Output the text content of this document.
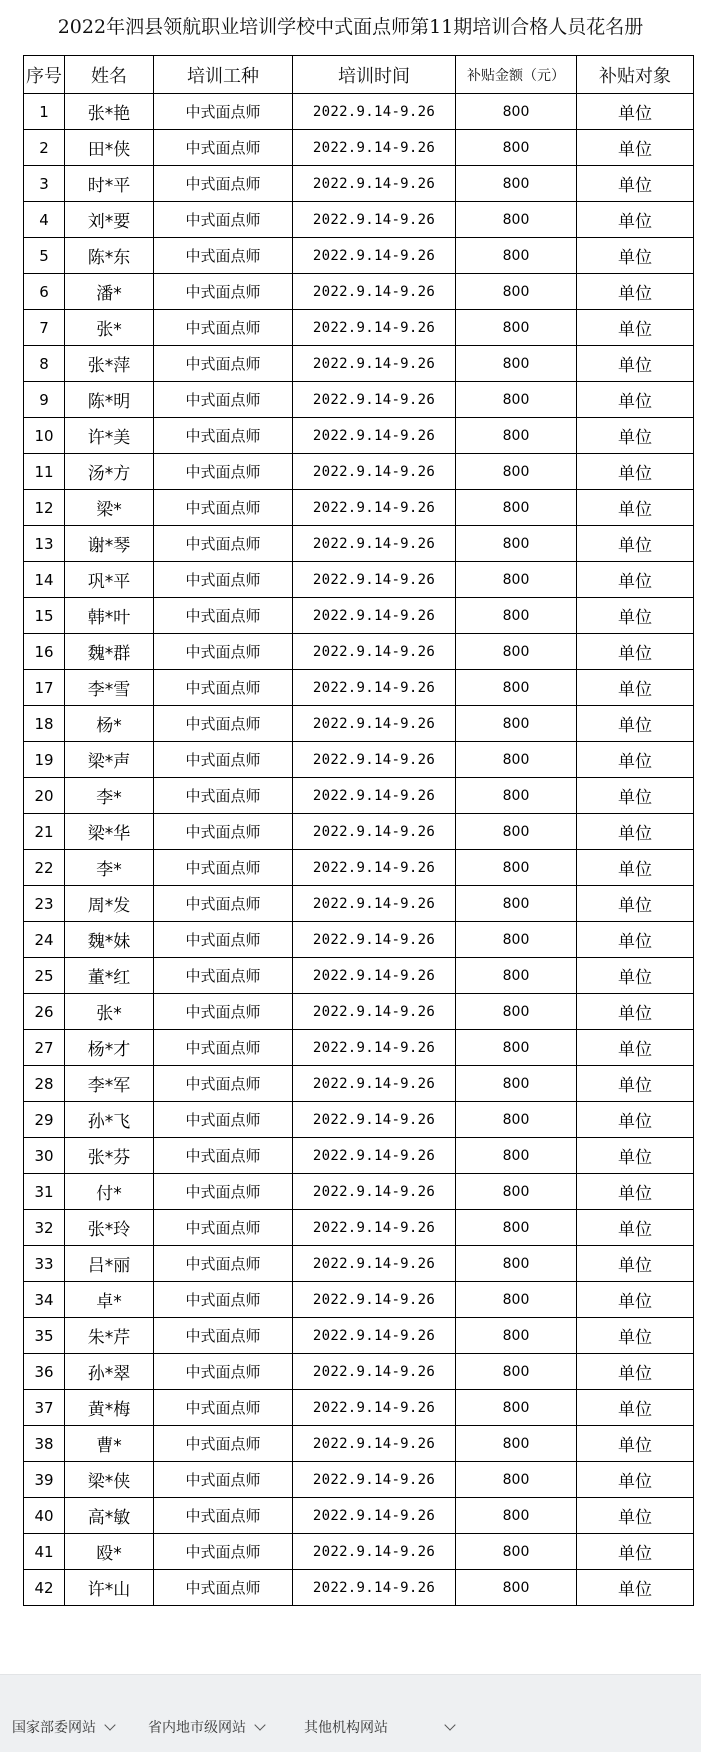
2022年泗县领航职业培训学校中式面点师第11期培训合格人员花名册
序号	姓名	培训工种	培训时间	补贴金额（元）	补贴对象
1	张*艳	中式面点师	2022.9.14-9.26	800	单位
2	田*侠	中式面点师	2022.9.14-9.26	800	单位
3	时*平	中式面点师	2022.9.14-9.26	800	单位
4	刘*要	中式面点师	2022.9.14-9.26	800	单位
5	陈*东	中式面点师	2022.9.14-9.26	800	单位
6	潘*	中式面点师	2022.9.14-9.26	800	单位
7	张*	中式面点师	2022.9.14-9.26	800	单位
8	张*萍	中式面点师	2022.9.14-9.26	800	单位
9	陈*明	中式面点师	2022.9.14-9.26	800	单位
10	许*美	中式面点师	2022.9.14-9.26	800	单位
11	汤*方	中式面点师	2022.9.14-9.26	800	单位
12	梁*	中式面点师	2022.9.14-9.26	800	单位
13	谢*琴	中式面点师	2022.9.14-9.26	800	单位
14	巩*平	中式面点师	2022.9.14-9.26	800	单位
15	韩*叶	中式面点师	2022.9.14-9.26	800	单位
16	魏*群	中式面点师	2022.9.14-9.26	800	单位
17	李*雪	中式面点师	2022.9.14-9.26	800	单位
18	杨*	中式面点师	2022.9.14-9.26	800	单位
19	梁*声	中式面点师	2022.9.14-9.26	800	单位
20	李*	中式面点师	2022.9.14-9.26	800	单位
21	梁*华	中式面点师	2022.9.14-9.26	800	单位
22	李*	中式面点师	2022.9.14-9.26	800	单位
23	周*发	中式面点师	2022.9.14-9.26	800	单位
24	魏*妹	中式面点师	2022.9.14-9.26	800	单位
25	董*红	中式面点师	2022.9.14-9.26	800	单位
26	张*	中式面点师	2022.9.14-9.26	800	单位
27	杨*才	中式面点师	2022.9.14-9.26	800	单位
28	李*军	中式面点师	2022.9.14-9.26	800	单位
29	孙*飞	中式面点师	2022.9.14-9.26	800	单位
30	张*芬	中式面点师	2022.9.14-9.26	800	单位
31	付*	中式面点师	2022.9.14-9.26	800	单位
32	张*玲	中式面点师	2022.9.14-9.26	800	单位
33	吕*丽	中式面点师	2022.9.14-9.26	800	单位
34	卓*	中式面点师	2022.9.14-9.26	800	单位
35	朱*芹	中式面点师	2022.9.14-9.26	800	单位
36	孙*翠	中式面点师	2022.9.14-9.26	800	单位
37	黄*梅	中式面点师	2022.9.14-9.26	800	单位
38	曹*	中式面点师	2022.9.14-9.26	800	单位
39	梁*侠	中式面点师	2022.9.14-9.26	800	单位
40	高*敏	中式面点师	2022.9.14-9.26	800	单位
41	殴*	中式面点师	2022.9.14-9.26	800	单位
42	许*山	中式面点师	2022.9.14-9.26	800	单位
国家部委网站	省内地市级网站	其他机构网站
